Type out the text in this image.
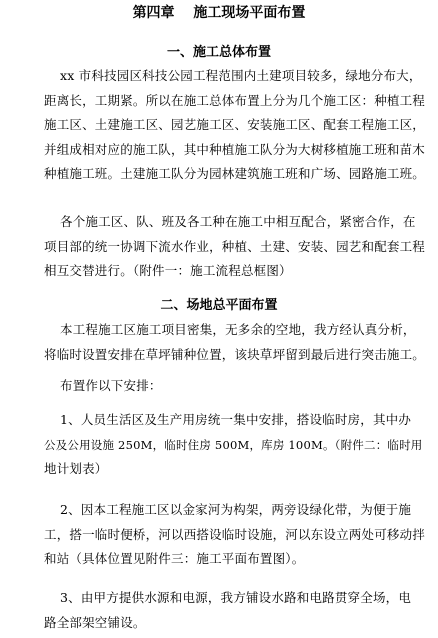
第四章　 施工现场平面布置
一、施工总体布置
xx 市科技园区科技公园工程范围内土建项目较多，绿地分布大，
距离长，工期紧。所以在施工总体布置上分为几个施工区：种植工程
施工区、土建施工区、园艺施工区、安装施工区、配套工程施工区，
并组成相对应的施工队，其中种植施工队分为大树移植施工班和苗木
种植施工班。土建施工队分为园林建筑施工班和广场、园路施工班。
各个施工区、队、班及各工种在施工中相互配合，紧密合作，在
项目部的统一协调下流水作业，种植、土建、安装、园艺和配套工程
相互交替进行。（附件一：施工流程总框图）
二、场地总平面布置
本工程施工区施工项目密集，无多余的空地，我方经认真分析，
将临时设置安排在草坪铺种位置，该块草坪留到最后进行突击施工。
布置作以下安排：
1、人员生活区及生产用房统一集中安排，搭设临时房，其中办
公及公用设施 250M，临时住房 500M，库房 100M。（附件二：临时用
地计划表）
2、因本工程施工区以金家河为构架，两旁设绿化带，为便于施
工，搭一临时便桥，河以西搭设临时设施，河以东设立两处可移动拌
和站（具体位置见附件三：施工平面布置图）。
3、由甲方提供水源和电源，我方铺设水路和电路贯穿全场，电
路全部架空铺设。
